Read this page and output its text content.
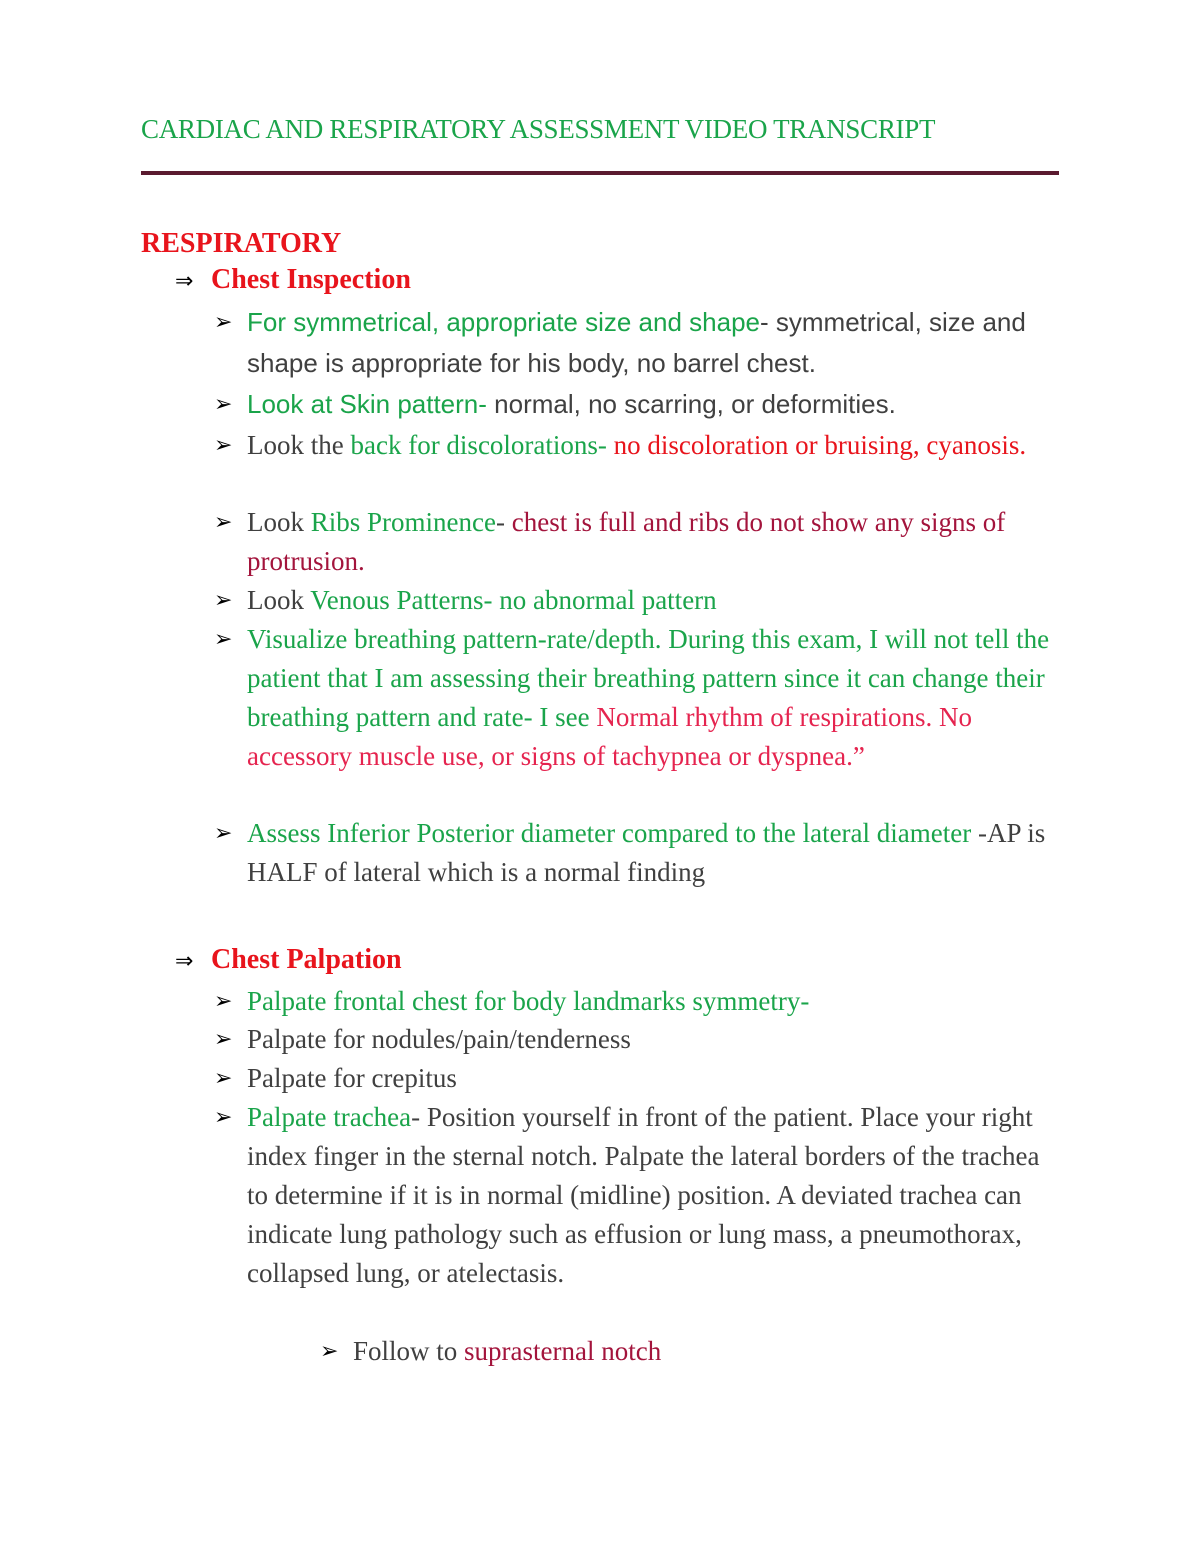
CARDIAC AND RESPIRATORY ASSESSMENT VIDEO TRANSCRIPT
RESPIRATORY
⇒ Chest Inspection
➢ For symmetrical, appropriate size and shape- symmetrical, size and shape is appropriate for his body, no barrel chest.
➢ Look at Skin pattern- normal, no scarring, or deformities.
➢ Look the back for discolorations- no discoloration or bruising, cyanosis.
➢ Look Ribs Prominence- chest is full and ribs do not show any signs of protrusion.
➢ Look Venous Patterns- no abnormal pattern
➢ Visualize breathing pattern-rate/depth. During this exam, I will not tell the patient that I am assessing their breathing pattern since it can change their breathing pattern and rate- I see Normal rhythm of respirations. No accessory muscle use, or signs of tachypnea or dyspnea.”
➢ Assess Inferior Posterior diameter compared to the lateral diameter -AP is HALF of lateral which is a normal finding
⇒ Chest Palpation
➢ Palpate frontal chest for body landmarks symmetry-
➢ Palpate for nodules/pain/tenderness
➢ Palpate for crepitus
➢ Palpate trachea- Position yourself in front of the patient. Place your right index finger in the sternal notch. Palpate the lateral borders of the trachea to determine if it is in normal (midline) position. A deviated trachea can indicate lung pathology such as effusion or lung mass, a pneumothorax, collapsed lung, or atelectasis.
➢ Follow to suprasternal notch
